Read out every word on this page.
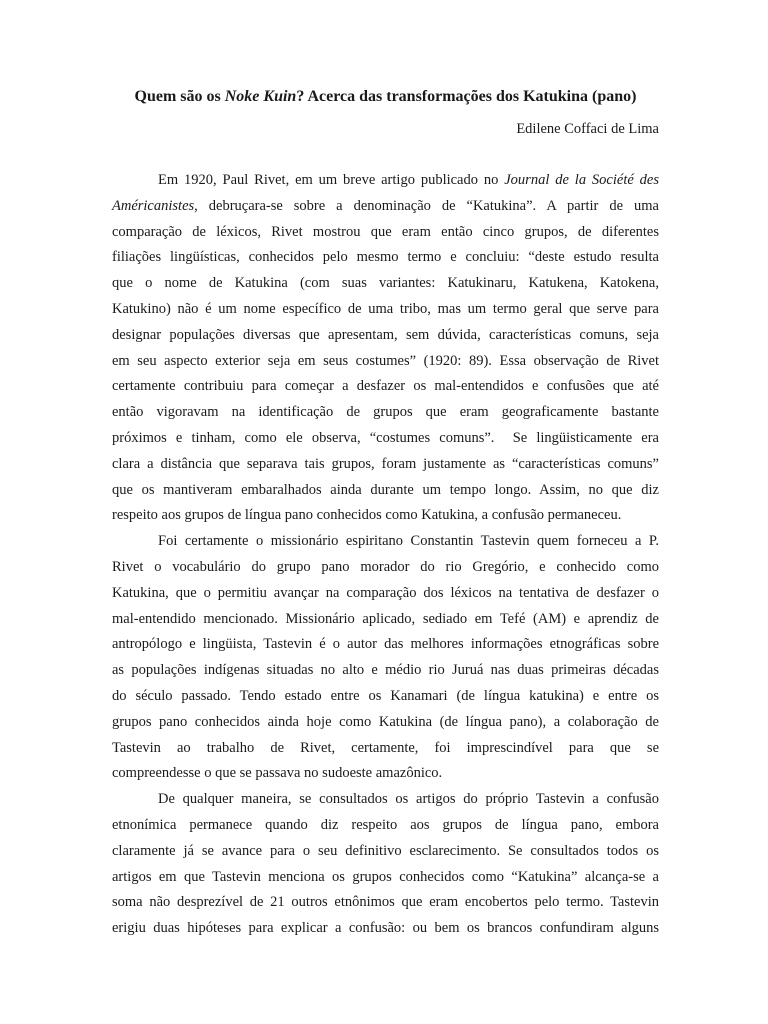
Quem são os Noke Kuin? Acerca das transformações dos Katukina (pano)

Edilene Coffaci de Lima

Em 1920, Paul Rivet, em um breve artigo publicado no Journal de la Société des
Américanistes, debruçara-se sobre a denominação de “Katukina”. A partir de uma
comparação de léxicos, Rivet mostrou que eram então cinco grupos, de diferentes
filiações lingüísticas, conhecidos pelo mesmo termo e concluiu: “deste estudo resulta
que o nome de Katukina (com suas variantes: Katukinaru, Katukena, Katokena,
Katukino) não é um nome específico de uma tribo, mas um termo geral que serve para
designar populações diversas que apresentam, sem dúvida, características comuns, seja
em seu aspecto exterior seja em seus costumes” (1920: 89). Essa observação de Rivet
certamente contribuiu para começar a desfazer os mal-entendidos e confusões que até
então vigoravam na identificação de grupos que eram geograficamente bastante
próximos e tinham, como ele observa, “costumes comuns”.  Se lingüisticamente era
clara a distância que separava tais grupos, foram justamente as “características comuns”
que os mantiveram embaralhados ainda durante um tempo longo. Assim, no que diz
respeito aos grupos de língua pano conhecidos como Katukina, a confusão permaneceu.
Foi certamente o missionário espiritano Constantin Tastevin quem forneceu a P.
Rivet o vocabulário do grupo pano morador do rio Gregório, e conhecido como
Katukina, que o permitiu avançar na comparação dos léxicos na tentativa de desfazer o
mal-entendido mencionado. Missionário aplicado, sediado em Tefé (AM) e aprendiz de
antropólogo e lingüista, Tastevin é o autor das melhores informações etnográficas sobre
as populações indígenas situadas no alto e médio rio Juruá nas duas primeiras décadas
do século passado. Tendo estado entre os Kanamari (de língua katukina) e entre os
grupos pano conhecidos ainda hoje como Katukina (de língua pano), a colaboração de
Tastevin ao trabalho de Rivet, certamente, foi imprescindível para que se
compreendesse o que se passava no sudoeste amazônico.
De qualquer maneira, se consultados os artigos do próprio Tastevin a confusão
etnonímica permanece quando diz respeito aos grupos de língua pano, embora
claramente já se avance para o seu definitivo esclarecimento. Se consultados todos os
artigos em que Tastevin menciona os grupos conhecidos como “Katukina” alcança-se a
soma não desprezível de 21 outros etnônimos que eram encobertos pelo termo. Tastevin
erigiu duas hipóteses para explicar a confusão: ou bem os brancos confundiram alguns
